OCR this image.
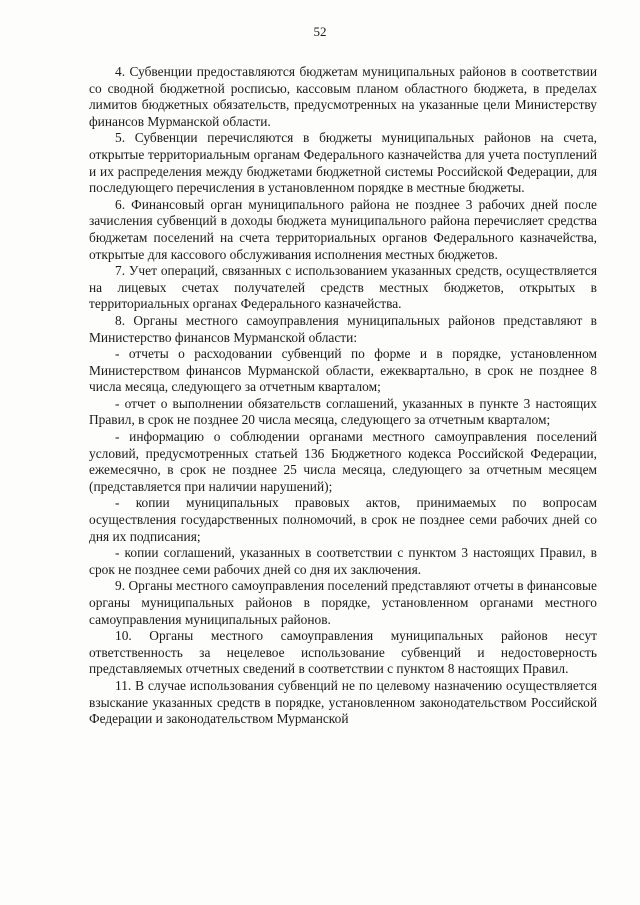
52

4. Субвенции предоставляются бюджетам муниципальных районов в соответствии со сводной бюджетной росписью, кассовым планом областного бюджета, в пределах лимитов бюджетных обязательств, предусмотренных на указанные цели Министерству финансов Мурманской области.

5. Субвенции перечисляются в бюджеты муниципальных районов на счета, открытые территориальным органам Федерального казначейства для учета поступлений и их распределения между бюджетами бюджетной системы Российской Федерации, для последующего перечисления в установленном порядке в местные бюджеты.

6. Финансовый орган муниципального района не позднее 3 рабочих дней после зачисления субвенций в доходы бюджета муниципального района перечисляет средства бюджетам поселений на счета территориальных органов Федерального казначейства, открытые для кассового обслуживания исполнения местных бюджетов.

7. Учет операций, связанных с использованием указанных средств, осуществляется на лицевых счетах получателей средств местных бюджетов, открытых в территориальных органах Федерального казначейства.

8. Органы местного самоуправления муниципальных районов представляют в Министерство финансов Мурманской области:

- отчеты о расходовании субвенций по форме и в порядке, установленном Министерством финансов Мурманской области, ежеквартально, в срок не позднее 8 числа месяца, следующего за отчетным кварталом;

- отчет о выполнении обязательств соглашений, указанных в пункте 3 настоящих Правил, в срок не позднее 20 числа месяца, следующего за отчетным кварталом;

- информацию о соблюдении органами местного самоуправления поселений условий, предусмотренных статьей 136 Бюджетного кодекса Российской Федерации, ежемесячно, в срок не позднее 25 числа месяца, следующего за отчетным месяцем (представляется при наличии нарушений);

- копии муниципальных правовых актов, принимаемых по вопросам осуществления государственных полномочий, в срок не позднее семи рабочих дней со дня их подписания;

- копии соглашений, указанных в соответствии с пунктом 3 настоящих Правил, в срок не позднее семи рабочих дней со дня их заключения.

9. Органы местного самоуправления поселений представляют отчеты в финансовые органы муниципальных районов в порядке, установленном органами местного самоуправления муниципальных районов.

10. Органы местного самоуправления муниципальных районов несут ответственность за нецелевое использование субвенций и недостоверность представляемых отчетных сведений в соответствии с пунктом 8 настоящих Правил.

11. В случае использования субвенций не по целевому назначению осуществляется взыскание указанных средств в порядке, установленном законодательством Российской Федерации и законодательством Мурманской
